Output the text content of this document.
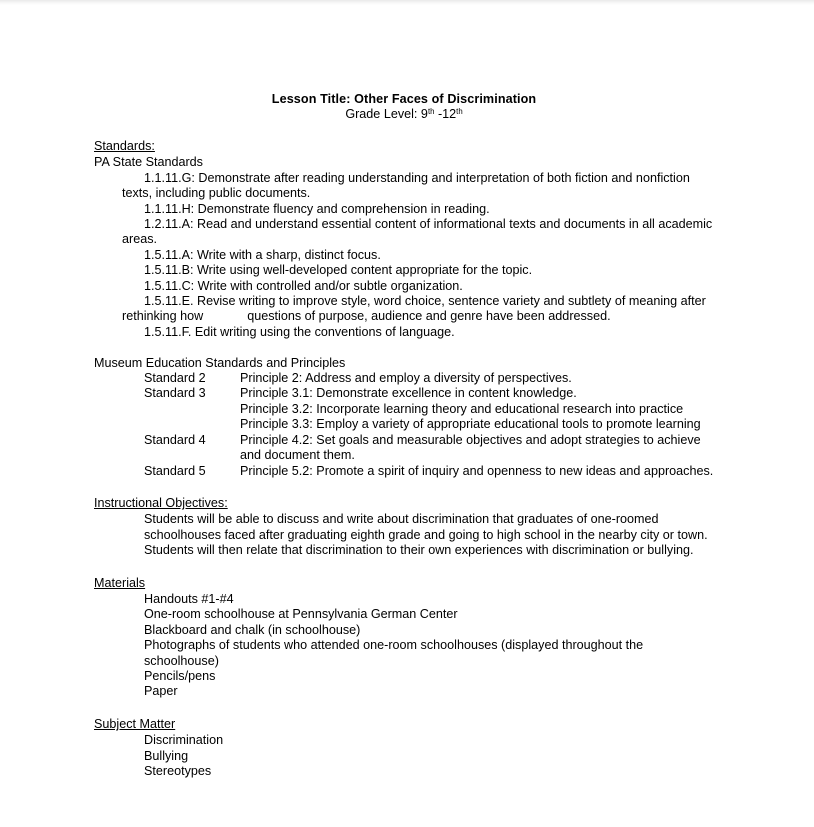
Lesson Title: Other Faces of Discrimination
Grade Level: 9th -12th
Standards:
PA State Standards
1.1.11.G: Demonstrate after reading understanding and interpretation of both fiction and nonfiction texts, including public documents.
1.1.11.H: Demonstrate fluency and comprehension in reading.
1.2.11.A: Read and understand essential content of informational texts and documents in all academic areas.
1.5.11.A: Write with a sharp, distinct focus.
1.5.11.B: Write using well-developed content appropriate for the topic.
1.5.11.C: Write with controlled and/or subtle organization.
1.5.11.E. Revise writing to improve style, word choice, sentence variety and subtlety of meaning after rethinking how	questions of purpose, audience and genre have been addressed.
1.5.11.F. Edit writing using the conventions of language.
Museum Education Standards and Principles
Standard 2	Principle 2: Address and employ a diversity of perspectives.
Standard 3	Principle 3.1: Demonstrate excellence in content knowledge.
Principle 3.2: Incorporate learning theory and educational research into practice
Principle 3.3: Employ a variety of appropriate educational tools to promote learning
Standard 4	Principle 4.2: Set goals and measurable objectives and adopt strategies to achieve and document them.
Standard 5	Principle 5.2: Promote a spirit of inquiry and openness to new ideas and approaches.
Instructional Objectives:
Students will be able to discuss and write about discrimination that graduates of one-roomed schoolhouses faced after graduating eighth grade and going to high school in the nearby city or town. Students will then relate that discrimination to their own experiences with discrimination or bullying.
Materials
Handouts #1-#4
One-room schoolhouse at Pennsylvania German Center
Blackboard and chalk (in schoolhouse)
Photographs of students who attended one-room schoolhouses (displayed throughout the schoolhouse)
Pencils/pens
Paper
Subject Matter
Discrimination
Bullying
Stereotypes
